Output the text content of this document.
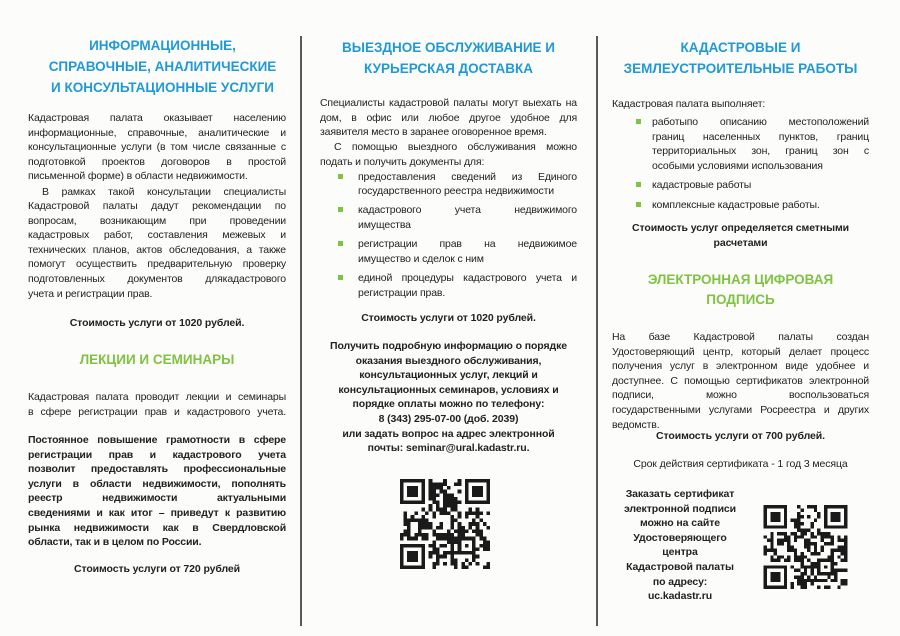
ИНФОРМАЦИОННЫЕ,
СПРАВОЧНЫЕ, АНАЛИТИЧЕСКИЕ
И КОНСУЛЬТАЦИОННЫЕ УСЛУГИ
Кадастровая палата оказывает населению
информационные, справочные, аналитические и
консультационные услуги (в том числе связанные с
подготовкой проектов договоров в простой
письменной форме) в области недвижимости.
В рамках такой консультации специалисты
Кадастровой палаты дадут рекомендации по
вопросам, возникающим при проведении
кадастровых работ, составления межевых и
технических планов, актов обследования, а также
помогут осуществить предварительную проверку
подготовленных документов длякадастрового
учета и регистрации прав.
Стоимость услуги от 1020 рублей.
ЛЕКЦИИ И СЕМИНАРЫ
Кадастровая палата проводит лекции и семинары
в сфере регистрации прав и кадастрового учета.
Постоянное повышение грамотности в сфере
регистрации прав и кадастрового учета
позволит предоставлять профессиональные
услуги в области недвижимости, пополнять
реестр недвижимости актуальными
сведениями и как итог – приведут к развитию
рынка недвижимости как в Свердловской
области, так и в целом по России.
Стоимость услуги от 720 рублей
ВЫЕЗДНОЕ ОБСЛУЖИВАНИЕ И
КУРЬЕРСКАЯ ДОСТАВКА
Специалисты кадастровой палаты могут выехать на
дом, в офис или любое другое удобное для
заявителя место в заранее оговоренное время.
С помощью выездного обслуживания можно
подать и получить документы для:
предоставления сведений из Единого
государственного реестра недвижимости
кадастрового учета недвижимого
имущества
регистрации прав на недвижимое
имущество и сделок с ним
единой процедуры кадастрового учета и
регистрации прав.
Стоимость услуги от 1020 рублей.
Получить подробную информацию о порядке
оказания выездного обслуживания,
консультационных услуг, лекций и
консультационных семинаров, условиях и
порядке оплаты можно по телефону:
8 (343) 295-07-00 (доб. 2039)
или задать вопрос на адрес электронной
почты: seminar@ural.kadastr.ru.
КАДАСТРОВЫЕ И
ЗЕМЛЕУСТРОИТЕЛЬНЫЕ РАБОТЫ
Кадастровая палата выполняет:
работыпо описанию местоположений
границ населенных пунктов, границ
территориальных зон, границ зон с
особыми условиями использования
кадастровые работы
комплексные кадастровые работы.
Стоимость услуг определяется сметными
расчетами
ЭЛЕКТРОННАЯ ЦИФРОВАЯ
ПОДПИСЬ
На базе Кадастровой палаты создан
Удостоверяющий центр, который делает процесс
получения услуг в электронном виде удобнее и
доступнее. С помощью сертификатов электронной
подписи, можно воспользоваться
государственными услугами Росреестра и других
ведомств.
Стоимость услуги от 700 рублей.
Срок действия сертификата - 1 год 3 месяца
Заказать сертификат
электронной подписи
можно на сайте
Удостоверяющего
центра
Кадастровой палаты
по адресу:
uc.kadastr.ru
